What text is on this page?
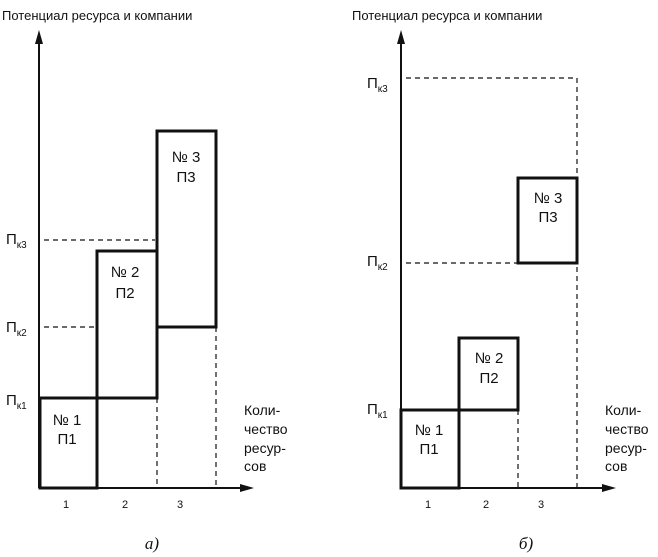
Потенциал ресурса и компании
$П_{к1}$
$П_{к2}$
$П_{к3}$
№ 1
П1
№ 2
П2
№ 3
П3
Коли-
чество
ресур-
сов
1	2	3
а)
Потенциал ресурса и компании
$П_{к1}$
$П_{к2}$
$П_{к3}$
№ 1
П1
№ 2
П2
№ 3
П3
Коли-
чество
ресур-
сов
1	2	3
б)
